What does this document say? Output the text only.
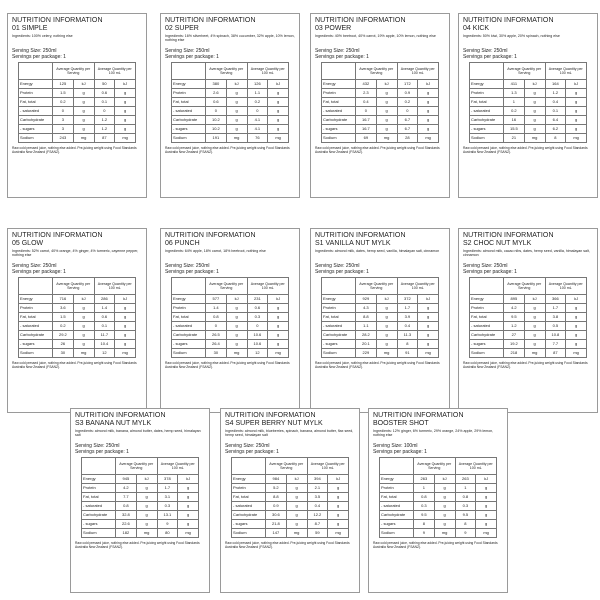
NUTRITION INFORMATION
01 SIMPLE
Ingredients: 100% celery, nothing else
Serving Size: 250ml
Servings per package: 1
	Average Quantity per Serving		Average Quantity per 100 mL	
Energy	125	kJ	50	kJ
Protein	1.5	g	0.6	g
Fat, total	0.2	g	0.1	g
- saturated	0	g	0	g
Carbohydrate	3	g	1.2	g
- sugars	3	g	1.2	g
Sodium	243	mg	87	mg
Raw cold pressed juice, nothing else added. Pre-juicing weight using Food Standards Australia New Zealand (FSANZ).
NUTRITION INFORMATION
02 SUPER
Ingredients: 16% silverbeet, 4% spinach, 38% cucumber, 32% apple, 10% lemon, nothing else
Serving Size: 250ml
Servings per package: 1
	Average Quantity per Serving		Average Quantity per 100 mL	
Energy	380	kJ	126	kJ
Protein	2.6	g	1.1	g
Fat, total	0.6	g	0.2	g
- saturated	0	g	0	g
Carbohydrate	10.2	g	4.1	g
- sugars	10.2	g	4.1	g
Sodium	191	mg	76	mg
Raw cold pressed juice, nothing else added. Pre-juicing weight using Food Standards Australia New Zealand (FSANZ).
NUTRITION INFORMATION
03 POWER
Ingredients: 40% beetroot, 40% carrot, 19% apple, 10% lemon, nothing else
Serving Size: 250ml
Servings per package: 1
	Average Quantity per Serving		Average Quantity per 100 mL	
Energy	432	kJ	172	kJ
Protein	2.3	g	0.9	g
Fat, total	0.4	g	0.2	g
- saturated	0	g	0	g
Carbohydrate	16.7	g	6.7	g
- sugars	16.7	g	6.7	g
Sodium	69	mg	28	mg
Raw cold pressed juice, nothing else added. Pre-juicing weight using Food Standards Australia New Zealand (FSANZ).
NUTRITION INFORMATION
04 KICK
Ingredients: 50% kiwi, 30% apple, 20% spinach, nothing else
Serving Size: 250ml
Servings per package: 1
	Average Quantity per Serving		Average Quantity per 100 mL	
Energy	411	kJ	164	kJ
Protein	1.3	g	1.2	g
Fat, total	1	g	0.4	g
- saturated	0.2	g	0.1	g
Carbohydrate	16	g	6.4	g
- sugars	15.5	g	6.2	g
Sodium	21	mg	8	mg
Raw cold pressed juice, nothing else added. Pre-juicing weight using Food Standards Australia New Zealand (FSANZ).
NUTRITION INFORMATION
05 GLOW
Ingredients: 52% carrot, 40% orange, 4% ginger, 4% turmeric, cayenne pepper, nothing else
Serving Size: 250ml
Servings per package: 1
	Average Quantity per Serving		Average Quantity per 100 mL	
Energy	716	kJ	286	kJ
Protein	3.6	g	1.4	g
Fat, total	1.5	g	0.6	g
- saturated	0.2	g	0.1	g
Carbohydrate	29.2	g	11.7	g
- sugars	26	g	10.4	g
Sodium	30	mg	12	mg
Raw cold pressed juice, nothing else added. Pre-juicing weight using Food Standards Australia New Zealand (FSANZ).
NUTRITION INFORMATION
06 PUNCH
Ingredients: 64% apple, 18% carrot, 18% beetroot, nothing else
Serving Size: 250ml
Servings per package: 1
	Average Quantity per Serving		Average Quantity per 100 mL	
Energy	577	kJ	231	kJ
Protein	1.4	g	0.6	g
Fat, total	0.8	g	0.3	g
- saturated	0	g	0	g
Carbohydrate	26.5	g	10.6	g
- sugars	26.4	g	10.6	g
Sodium	30	mg	12	mg
Raw cold pressed juice, nothing else added. Pre-juicing weight using Food Standards Australia New Zealand (FSANZ).
NUTRITION INFORMATION
S1 VANILLA NUT MYLK
Ingredients: almond milk, dates, hemp seed, vanilla, himalayan salt, cinnamon
Serving Size: 250ml
Servings per package: 1
	Average Quantity per Serving		Average Quantity per 100 mL	
Energy	929	kJ	372	kJ
Protein	4.3	g	1.7	g
Fat, total	8.8	g	3.9	g
- saturated	1.1	g	0.4	g
Carbohydrate	28.2	g	11.3	g
- sugars	20.1	g	8	g
Sodium	229	mg	91	mg
Raw cold pressed juice, nothing else added. Pre-juicing weight using Food Standards Australia New Zealand (FSANZ).
NUTRITION INFORMATION
S2 CHOC NUT MYLK
Ingredients: almond milk, cacao nibs, dates, hemp seed, vanilla, himalayan salt, cinnamon
Serving Size: 250ml
Servings per package: 1
	Average Quantity per Serving		Average Quantity per 100 mL	
Energy	895	kJ	366	kJ
Protein	4.2	g	1.7	g
Fat, total	9.5	g	3.8	g
- saturated	1.2	g	0.5	g
Carbohydrate	27	g	10.8	g
- sugars	19.2	g	7.7	g
Sodium	218	mg	87	mg
Raw cold pressed juice, nothing else added. Pre-juicing weight using Food Standards Australia New Zealand (FSANZ).
NUTRITION INFORMATION
S3 BANANA NUT MYLK
Ingredients: almond milk, banana, almond butter, dates, hemp seed, himalayan salt
Serving Size: 250ml
Servings per package: 1
	Average Quantity per Serving		Average Quantity per 100 mL	
Energy	945	kJ	378	kJ
Protein	4.2	g	1.7	g
Fat, total	7.7	g	3.1	g
- saturated	0.8	g	0.3	g
Carbohydrate	32.8	g	13.1	g
- sugars	22.6	g	9	g
Sodium	182	mg	80	mg
Raw cold pressed juice, nothing else added. Pre-juicing weight using Food Standards Australia New Zealand (FSANZ).
NUTRITION INFORMATION
S4 SUPER BERRY NUT MYLK
Ingredients: almond milk, blueberries, spinach, banana, almond butter, flax seed, hemp seed, himalayan salt
Serving Size: 250ml
Servings per package: 1
	Average Quantity per Serving		Average Quantity per 100 mL	
Energy	984	kJ	394	kJ
Protein	5.2	g	2.1	g
Fat, total	8.8	g	3.5	g
- saturated	0.9	g	0.4	g
Carbohydrate	30.6	g	12.2	g
- sugars	21.8	g	8.7	g
Sodium	147	mg	59	mg
Raw cold pressed juice, nothing else added. Pre-juicing weight using Food Standards Australia New Zealand (FSANZ).
NUTRITION INFORMATION
BOOSTER SHOT
Ingredients: 12% ginger, 6% turmeric, 29% orange, 24% apple, 29% lemon, nothing else
Serving Size: 100ml
Servings per package: 1
	Average Quantity per Serving		Average Quantity per 100 mL	
Energy	263	kJ	263	kJ
Protein	1	g	1	g
Fat, total	0.8	g	0.8	g
- saturated	0.3	g	0.3	g
Carbohydrate	9.5	g	9.5	g
- sugars	8	g	8	g
Sodium	9	mg	9	mg
Raw cold pressed juice, nothing else added. Pre-juicing weight using Food Standards Australia New Zealand (FSANZ).
